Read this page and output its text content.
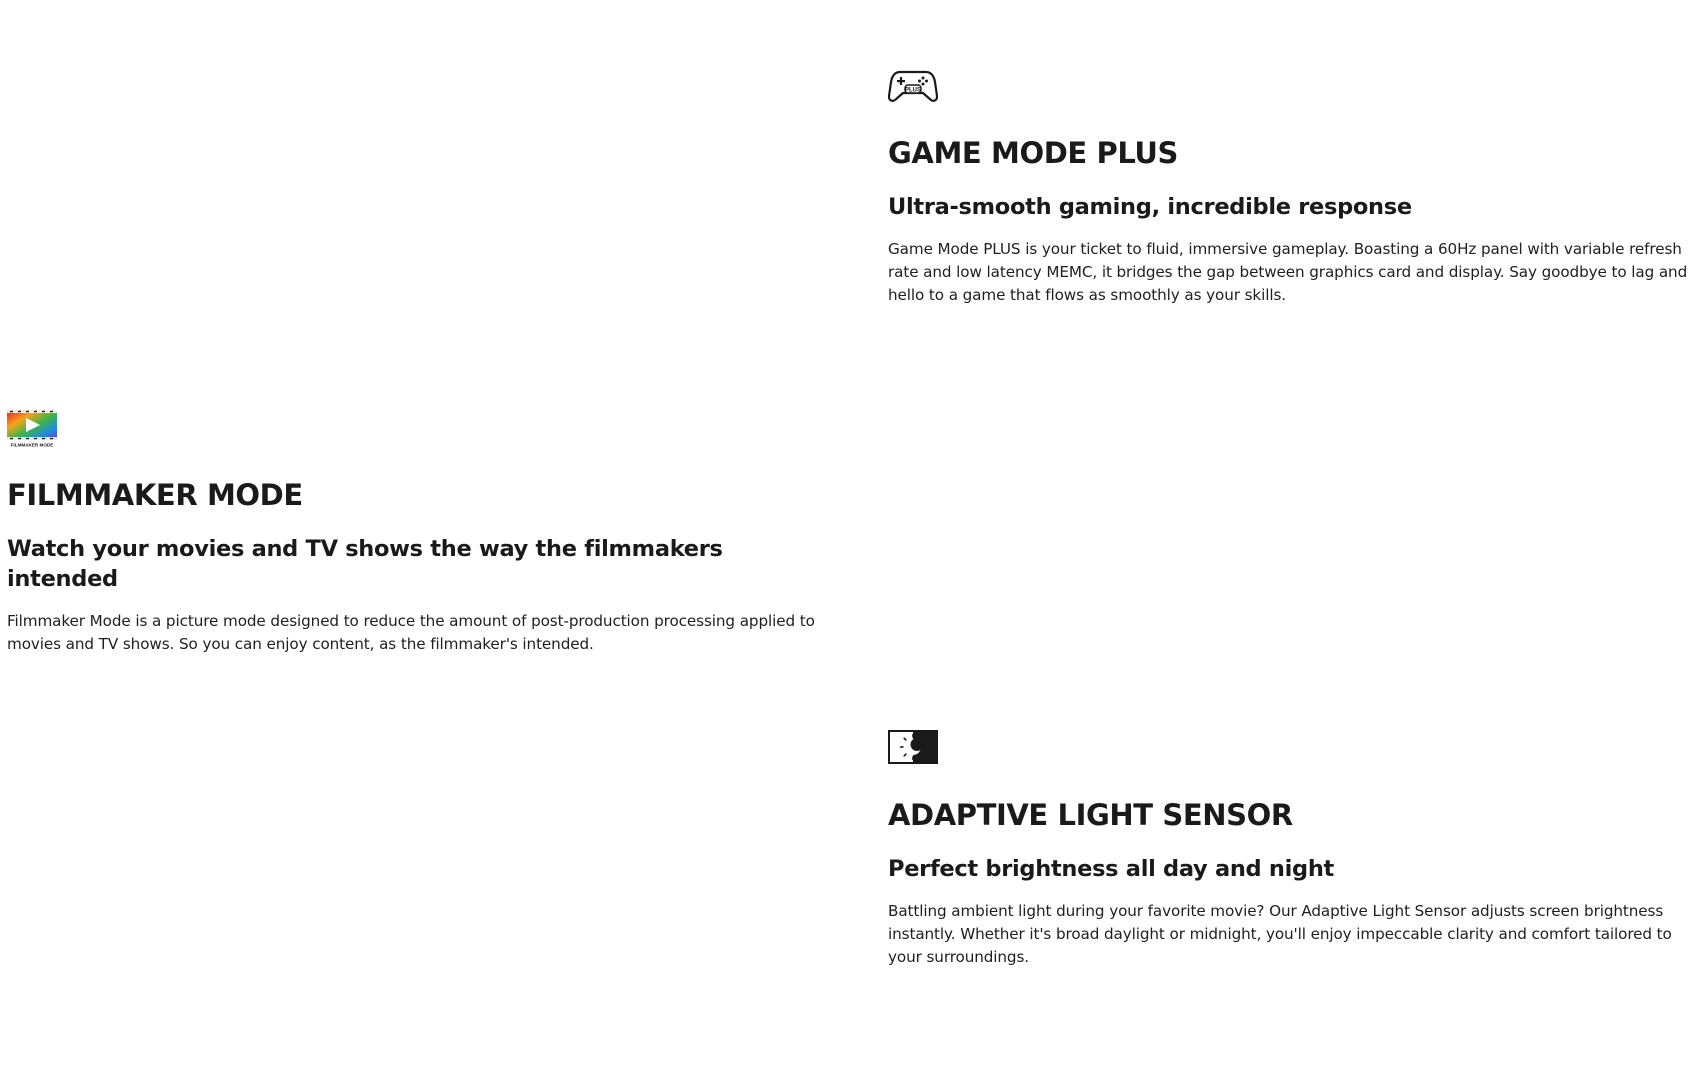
PLUS
GAME MODE PLUS
Ultra-smooth gaming, incredible response

Game Mode PLUS is your ticket to fluid, immersive gameplay. Boasting a 60Hz panel with variable refresh rate and low latency MEMC, it bridges the gap between graphics card and display. Say goodbye to lag and hello to a game that flows as smoothly as your skills.

FILMMAKER MODE
FILMMAKER MODE
Watch your movies and TV shows the way the filmmakers intended

Filmmaker Mode is a picture mode designed to reduce the amount of post-production processing applied to movies and TV shows. So you can enjoy content, as the filmmaker's intended.

ADAPTIVE LIGHT SENSOR
Perfect brightness all day and night

Battling ambient light during your favorite movie? Our Adaptive Light Sensor adjusts screen brightness instantly. Whether it's broad daylight or midnight, you'll enjoy impeccable clarity and comfort tailored to your surroundings.
